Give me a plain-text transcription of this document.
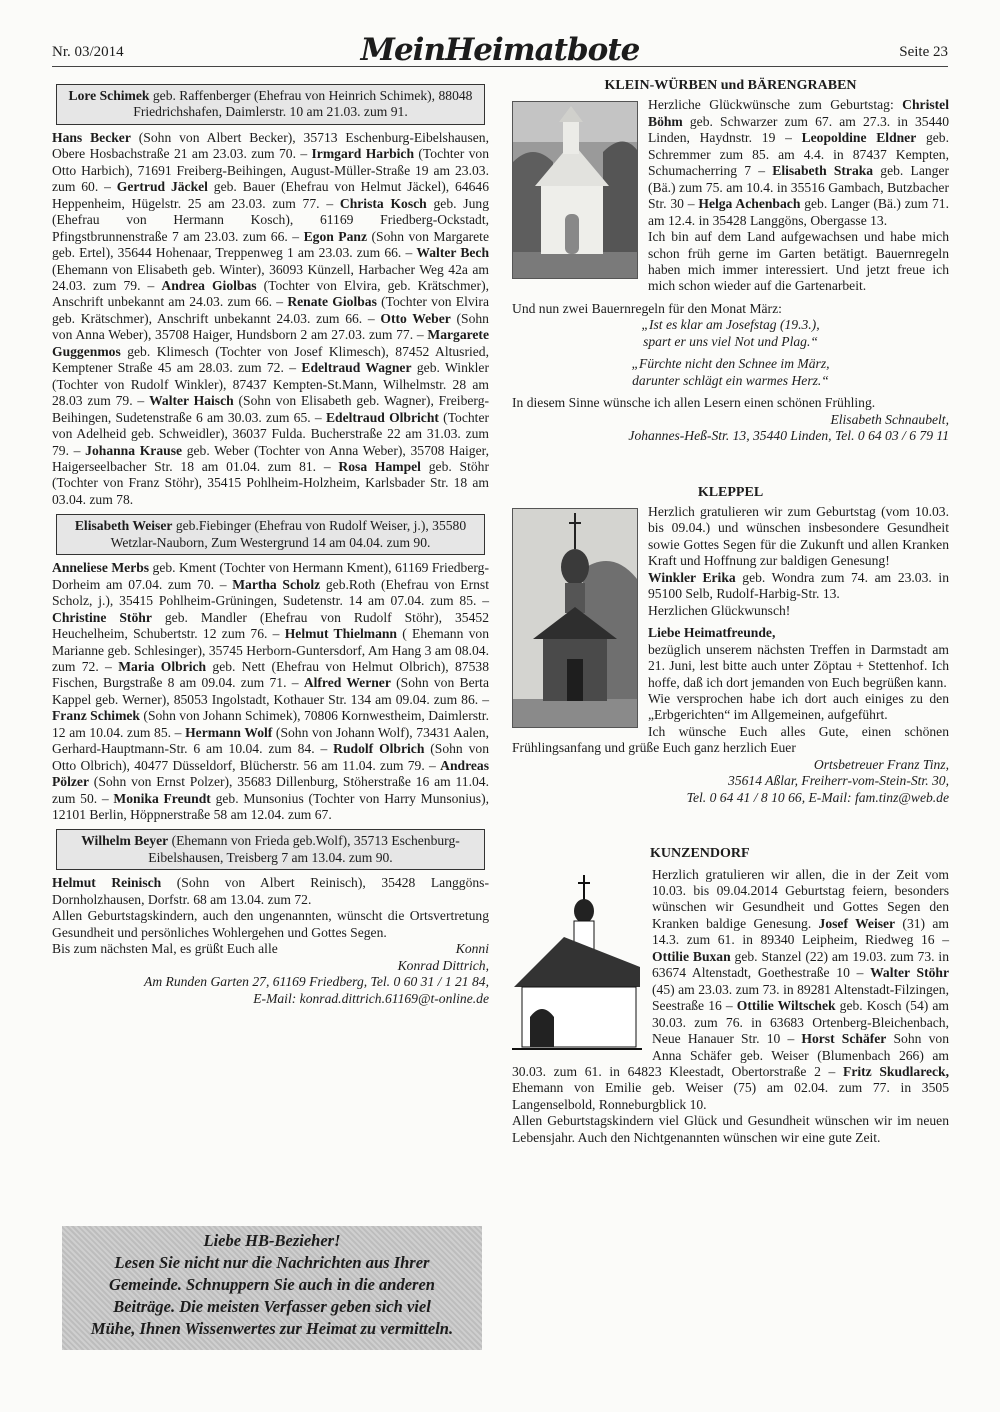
Nr. 03/2014	MeinHeimatbote	Seite 23
Lore Schimek geb. Raffenberger (Ehefrau von Heinrich Schimek), 88048 Friedrichshafen, Daimlerstr. 10 am 21.03. zum 91.

Hans Becker (Sohn von Albert Becker), 35713 Eschenburg-Eibelshausen, Obere Hosbachstraße 21 am 23.03. zum 70. – Irmgard Harbich (Tochter von Otto Harbich), 71691 Freiberg-Beihingen, August-Müller-Straße 19 am 23.03. zum 60. – Gertrud Jäckel geb. Bauer (Ehefrau von Helmut Jäckel), 64646 Heppenheim, Hügelstr. 25 am 23.03. zum 77. – Christa Kosch geb. Jung (Ehefrau von Hermann Kosch), 61169 Friedberg-Ockstadt, Pfingstbrunnenstraße 7 am 23.03. zum 66. – Egon Panz (Sohn von Margarete geb. Ertel), 35644 Hohenaar, Treppenweg 1 am 23.03. zum 66. – Walter Bech (Ehemann von Elisabeth geb. Winter), 36093 Künzell, Harbacher Weg 42a am 24.03. zum 79. – Andrea Giolbas (Tochter von Elvira, geb. Krätschmer), Anschrift unbekannt am 24.03. zum 66. – Renate Giolbas (Tochter von Elvira geb. Krätschmer), Anschrift unbekannt 24.03. zum 66. – Otto Weber (Sohn von Anna Weber), 35708 Haiger, Hundsborn 2 am 27.03. zum 77. – Margarete Guggenmos geb. Klimesch (Tochter von Josef Klimesch), 87452 Altusried, Kemptener Straße 45 am 28.03. zum 72. – Edeltraud Wagner geb. Winkler (Tochter von Rudolf Winkler), 87437 Kempten-St.Mann, Wilhelmstr. 28 am 28.03 zum 79. – Walter Haisch (Sohn von Elisabeth geb. Wagner), Freiberg-Beihingen, Sudetenstraße 6 am 30.03. zum 65. – Edeltraud Olbricht (Tochter von Adelheid geb. Schweidler), 36037 Fulda. Bucherstraße 22 am 31.03. zum 79. – Johanna Krause geb. Weber (Tochter von Anna Weber), 35708 Haiger, Haigerseelbacher Str. 18 am 01.04. zum 81. – Rosa Hampel geb. Stöhr (Tochter von Franz Stöhr), 35415 Pohlheim-Holzheim, Karlsbader Str. 18 am 03.04. zum 78.

Elisabeth Weiser geb.Fiebinger (Ehefrau von Rudolf Weiser, j.), 35580 Wetzlar-Nauborn, Zum Westergrund 14 am 04.04. zum 90.

Anneliese Merbs geb. Kment (Tochter von Hermann Kment), 61169 Friedberg-Dorheim am 07.04. zum 70. – Martha Scholz geb.Roth (Ehefrau von Ernst Scholz, j.), 35415 Pohlheim-Grüningen, Sudetenstr. 14 am 07.04. zum 85. – Christine Stöhr geb. Mandler (Ehefrau von Rudolf Stöhr), 35452 Heuchelheim, Schubertstr. 12 zum 76. – Helmut Thielmann ( Ehemann von Marianne geb. Schlesinger), 35745 Herborn-Guntersdorf, Am Hang 3 am 08.04. zum 72. – Maria Olbrich geb. Nett (Ehefrau von Helmut Olbrich), 87538 Fischen, Burgstraße 8 am 09.04. zum 71. – Alfred Werner (Sohn von Berta Kappel geb. Werner), 85053 Ingolstadt, Kothauer Str. 134 am 09.04. zum 86. – Franz Schimek (Sohn von Johann Schimek), 70806 Kornwestheim, Daimlerstr. 12 am 10.04. zum 85. – Hermann Wolf (Sohn von Johann Wolf), 73431 Aalen, Gerhard-Hauptmann-Str. 6 am 10.04. zum 84. – Rudolf Olbrich (Sohn von Otto Olbrich), 40477 Düsseldorf, Blücherstr. 56 am 11.04. zum 79. – Andreas Pölzer (Sohn von Ernst Polzer), 35683 Dillenburg, Stöherstraße 16 am 11.04. zum 50. – Monika Freundt geb. Munsonius (Tochter von Harry Munsonius), 12101 Berlin, Höppnerstraße 58 am 12.04. zum 67.

Wilhelm Beyer (Ehemann von Frieda geb.Wolf), 35713 Eschenburg-Eibelshausen, Treisberg 7 am 13.04. zum 90.

Helmut Reinisch (Sohn von Albert Reinisch), 35428 Langgöns-Dornholzhausen, Dorfstr. 68 am 13.04. zum 72.

Allen Geburtstagskindern, auch den ungenannten, wünscht die Ortsvertretung Gesundheit und persönliches Wohlergehen und Gottes Segen.

Bis zum nächsten Mal, es grüßt Euch alle	Konni

Konrad Dittrich,

Am Runden Garten 27, 61169 Friedberg, Tel. 0 60 31 / 1 21 84,

E-Mail: konrad.dittrich.61169@t-online.de

Liebe HB-Bezieher!
Lesen Sie nicht nur die Nachrichten aus Ihrer
Gemeinde. Schnuppern Sie auch in die anderen
Beiträge. Die meisten Verfasser geben sich viel
Mühe, Ihnen Wissenwertes zur Heimat zu vermitteln.
KLEIN-WÜRBEN und BÄRENGRABEN

Herzliche Glückwünsche zum Geburtstag: Christel Böhm geb. Schwarzer zum 67. am 27.3. in 35440 Linden, Haydnstr. 19 – Leopoldine Eldner geb. Schremmer zum 85. am 4.4. in 87437 Kempten, Schumacherring 7 – Elisabeth Straka geb. Langer (Bä.) zum 75. am 10.4. in 35516 Gambach, Butzbacher Str. 30 – Helga Achenbach geb. Langer (Bä.) zum 71. am 12.4. in 35428 Langgöns, Obergasse 13.

Ich bin auf dem Land aufgewachsen und habe mich schon früh gerne im Garten betätigt. Bauernregeln haben mich immer interessiert. Und jetzt freue ich mich schon wieder auf die Gartenarbeit.

Und nun zwei Bauernregeln für den Monat März:

„Ist es klar am Josefstag (19.3.),

spart er uns viel Not und Plag.“

„Fürchte nicht den Schnee im März,

darunter schlägt ein warmes Herz.“

In diesem Sinne wünsche ich allen Lesern einen schönen Frühling.

Elisabeth Schnaubelt,

Johannes-Heß-Str. 13, 35440 Linden, Tel. 0 64 03 / 6 79 11

KLEPPEL

Herzlich gratulieren wir zum Geburtstag (vom 10.03. bis 09.04.) und wünschen insbesondere Gesundheit sowie Gottes Segen für die Zukunft und allen Kranken Kraft und Hoffnung zur baldigen Genesung!

Winkler Erika geb. Wondra zum 74. am 23.03. in 95100 Selb, Rudolf-Harbig-Str. 13.

Herzlichen Glückwunsch!

Liebe Heimatfreunde,

bezüglich unserem nächsten Treffen in Darmstadt am 21. Juni, lest bitte auch unter Zöptau + Stettenhof. Ich hoffe, daß ich dort jemanden von Euch begrüßen kann.

Wie versprochen habe ich dort auch einiges zu den „Erbgerichten“ im Allgemeinen, aufgeführt.

Ich wünsche Euch alles Gute, einen schönen Frühlingsanfang und grüße Euch ganz herzlich Euer

Ortsbetreuer Franz Tinz,

35614 Aßlar, Freiherr-vom-Stein-Str. 30,

Tel. 0 64 41 / 8 10 66, E-Mail: fam.tinz@web.de

KUNZENDORF

Herzlich gratulieren wir allen, die in der Zeit vom 10.03. bis 09.04.2014 Geburtstag feiern, besonders wünschen wir Gesundheit und Gottes Segen den Kranken baldige Genesung. Josef Weiser (31) am 14.3. zum 61. in 89340 Leipheim, Riedweg 16 – Ottilie Buxan geb. Stanzel (22) am 19.03. zum 73. in 63674 Altenstadt, Goethestraße 10 – Walter Stöhr (45) am 23.03. zum 73. in 89281 Altenstadt-Filzingen, Seestraße 16 – Ottilie Wiltschek geb. Kosch (54) am 30.03. zum 76. in 63683 Ortenberg-Bleichenbach, Neue Hanauer Str. 10 – Horst Schäfer Sohn von Anna Schäfer geb. Weiser (Blumenbach 266) am 30.03. zum 61. in 64823 Kleestadt, Obertorstraße 2 – Fritz Skudlareck, Ehemann von Emilie geb. Weiser (75) am 02.04. zum 77. in 3505 Langenselbold, Ronneburgblick 10.

Allen Geburtstagskindern viel Glück und Gesundheit wünschen wir im neuen Lebensjahr. Auch den Nichtgenannten wünschen wir eine gute Zeit.
